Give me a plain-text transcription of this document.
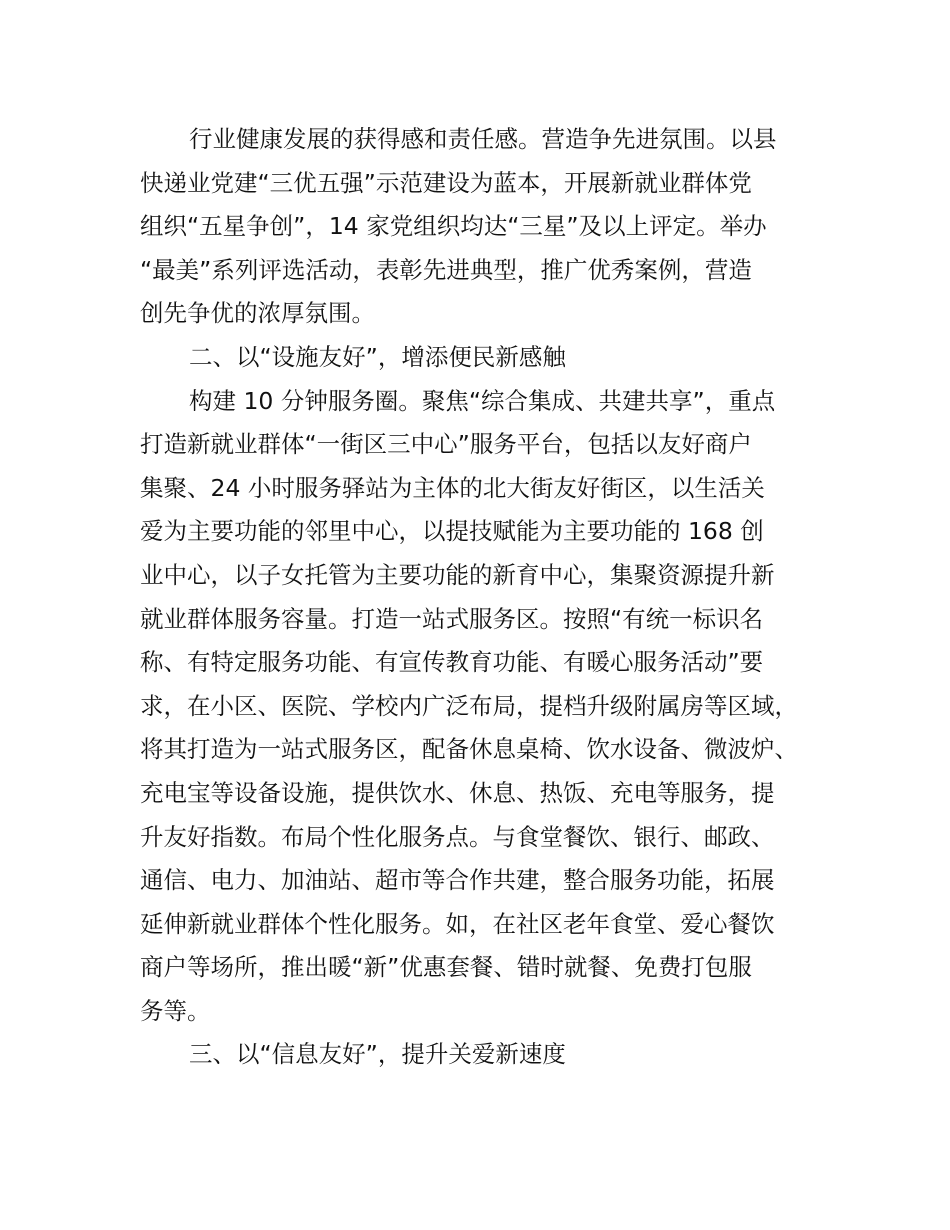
行业健康发展的获得感和责任感。营造争先进氛围。以县
快递业党建“三优五强”示范建设为蓝本，开展新就业群体党
组织“五星争创”，14 家党组织均达“三星”及以上评定。举办
“最美”系列评选活动，表彰先进典型，推广优秀案例，营造
创先争优的浓厚氛围。
二、以“设施友好”，增添便民新感触
构建 10 分钟服务圈。聚焦“综合集成、共建共享”，重点
打造新就业群体“一街区三中心”服务平台，包括以友好商户
集聚、24 小时服务驿站为主体的北大街友好街区，以生活关
爱为主要功能的邻里中心，以提技赋能为主要功能的 168 创
业中心，以子女托管为主要功能的新育中心，集聚资源提升新
就业群体服务容量。打造一站式服务区。按照“有统一标识名
称、有特定服务功能、有宣传教育功能、有暖心服务活动”要
求，在小区、医院、学校内广泛布局，提档升级附属房等区域，
将其打造为一站式服务区，配备休息桌椅、饮水设备、微波炉、
充电宝等设备设施，提供饮水、休息、热饭、充电等服务，提
升友好指数。布局个性化服务点。与食堂餐饮、银行、邮政、
通信、电力、加油站、超市等合作共建，整合服务功能，拓展
延伸新就业群体个性化服务。如，在社区老年食堂、爱心餐饮
商户等场所，推出暖“新”优惠套餐、错时就餐、免费打包服
务等。
三、以“信息友好”，提升关爱新速度
